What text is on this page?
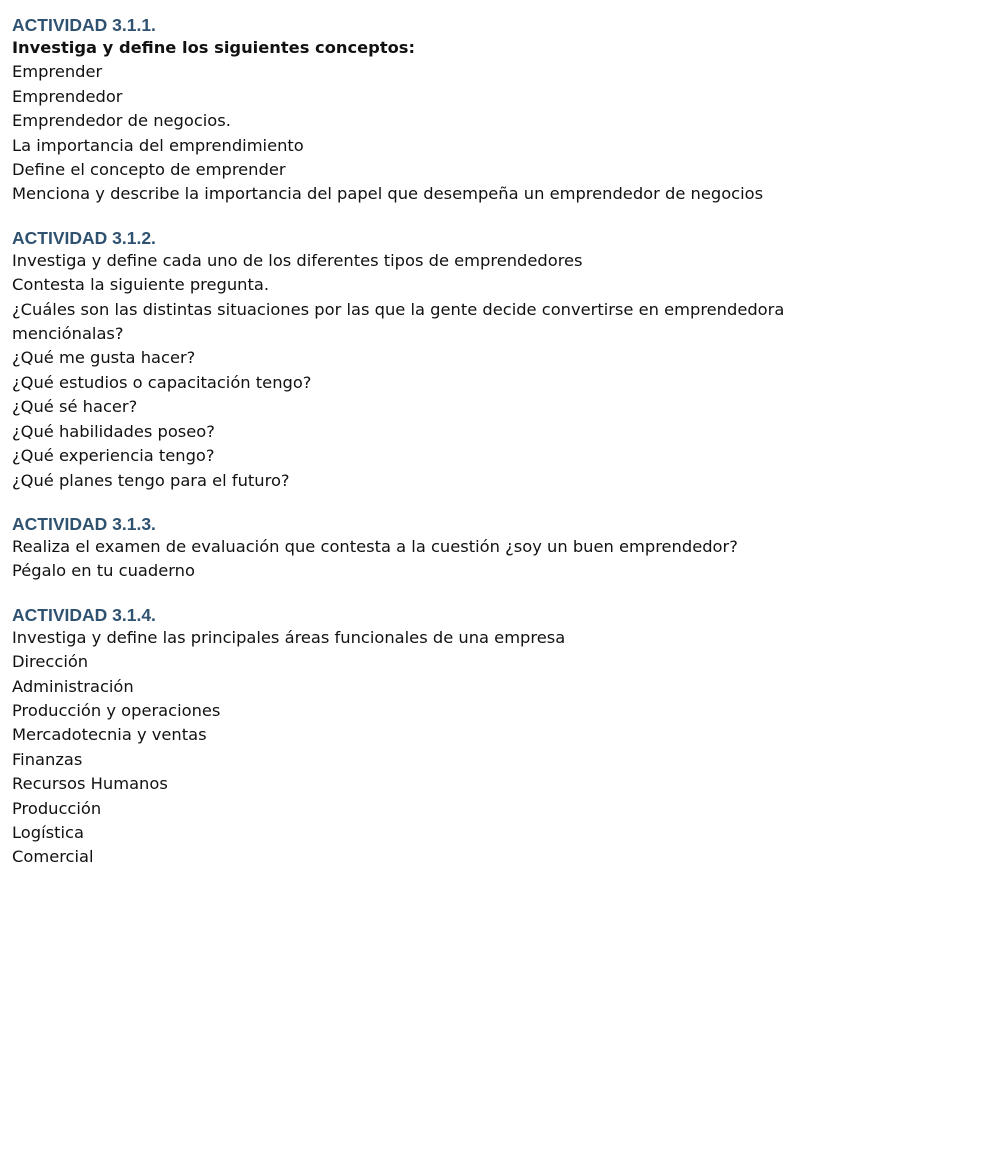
ACTIVIDAD 3.1.1.

Investiga y define los siguientes conceptos:

Emprender

Emprendedor

Emprendedor de negocios.

La importancia del emprendimiento

Define el concepto de emprender

Menciona y describe la importancia del papel que desempeña un emprendedor de negocios

ACTIVIDAD 3.1.2.

Investiga y define cada uno de los diferentes tipos de emprendedores

Contesta la siguiente pregunta.

¿Cuáles son las distintas situaciones por las que la gente decide convertirse en emprendedora

menciónalas?

¿Qué me gusta hacer?

¿Qué estudios o capacitación tengo?

¿Qué sé hacer?

¿Qué habilidades poseo?

¿Qué experiencia tengo?

¿Qué planes tengo para el futuro?

ACTIVIDAD 3.1.3.

Realiza el examen de evaluación que contesta a la cuestión ¿soy un buen emprendedor?

Pégalo en tu cuaderno

ACTIVIDAD 3.1.4.

Investiga y define las principales áreas funcionales de una empresa

Dirección

Administración

Producción y operaciones

Mercadotecnia y ventas

Finanzas

Recursos Humanos

Producción

Logística

Comercial
